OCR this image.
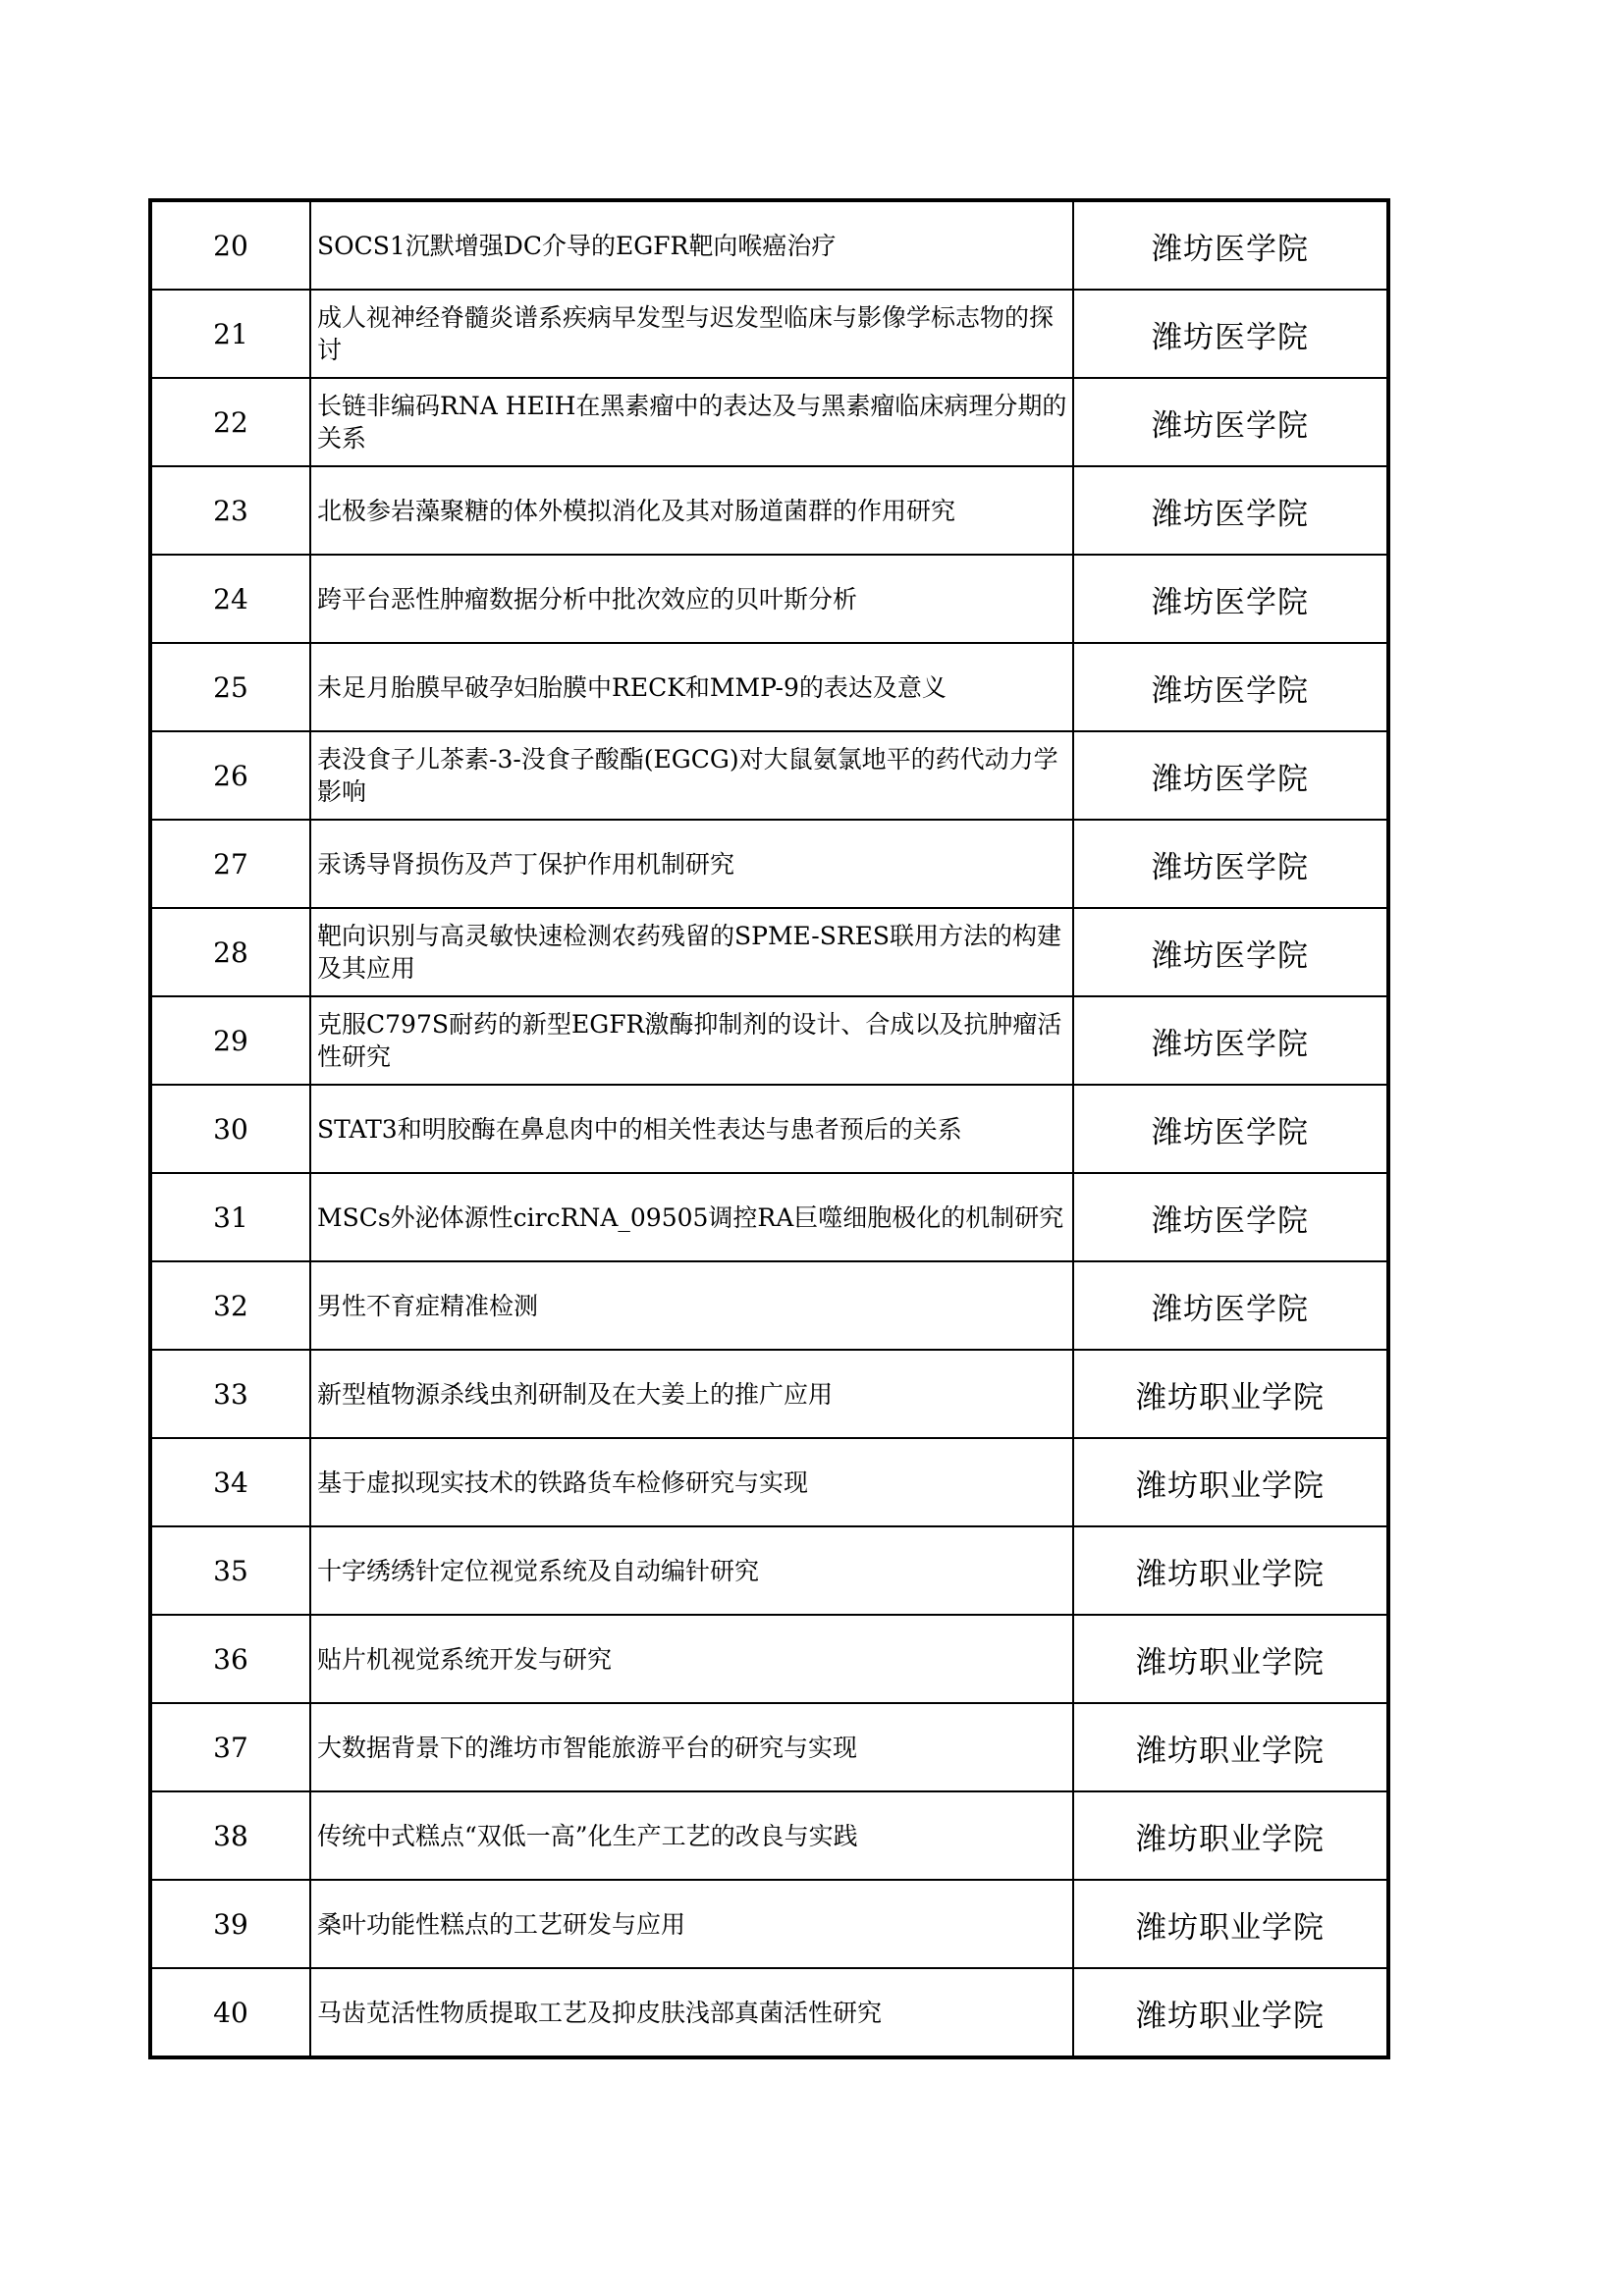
20	SOCS1沉默增强DC介导的EGFR靶向喉癌治疗	潍坊医学院
21	成人视神经脊髓炎谱系疾病早发型与迟发型临床与影像学标志物的探讨	潍坊医学院
22	长链非编码RNA HEIH在黑素瘤中的表达及与黑素瘤临床病理分期的关系	潍坊医学院
23	北极参岩藻聚糖的体外模拟消化及其对肠道菌群的作用研究	潍坊医学院
24	跨平台恶性肿瘤数据分析中批次效应的贝叶斯分析	潍坊医学院
25	未足月胎膜早破孕妇胎膜中RECK和MMP-9的表达及意义	潍坊医学院
26	表没食子儿茶素-3-没食子酸酯(EGCG)对大鼠氨氯地平的药代动力学影响	潍坊医学院
27	汞诱导肾损伤及芦丁保护作用机制研究	潍坊医学院
28	靶向识别与高灵敏快速检测农药残留的SPME-SRES联用方法的构建及其应用	潍坊医学院
29	克服C797S耐药的新型EGFR激酶抑制剂的设计、合成以及抗肿瘤活性研究	潍坊医学院
30	STAT3和明胶酶在鼻息肉中的相关性表达与患者预后的关系	潍坊医学院
31	MSCs外泌体源性circRNA_09505调控RA巨噬细胞极化的机制研究	潍坊医学院
32	男性不育症精准检测	潍坊医学院
33	新型植物源杀线虫剂研制及在大姜上的推广应用	潍坊职业学院
34	基于虚拟现实技术的铁路货车检修研究与实现	潍坊职业学院
35	十字绣绣针定位视觉系统及自动编针研究	潍坊职业学院
36	贴片机视觉系统开发与研究	潍坊职业学院
37	大数据背景下的潍坊市智能旅游平台的研究与实现	潍坊职业学院
38	传统中式糕点“双低一高”化生产工艺的改良与实践	潍坊职业学院
39	桑叶功能性糕点的工艺研发与应用	潍坊职业学院
40	马齿苋活性物质提取工艺及抑皮肤浅部真菌活性研究	潍坊职业学院
